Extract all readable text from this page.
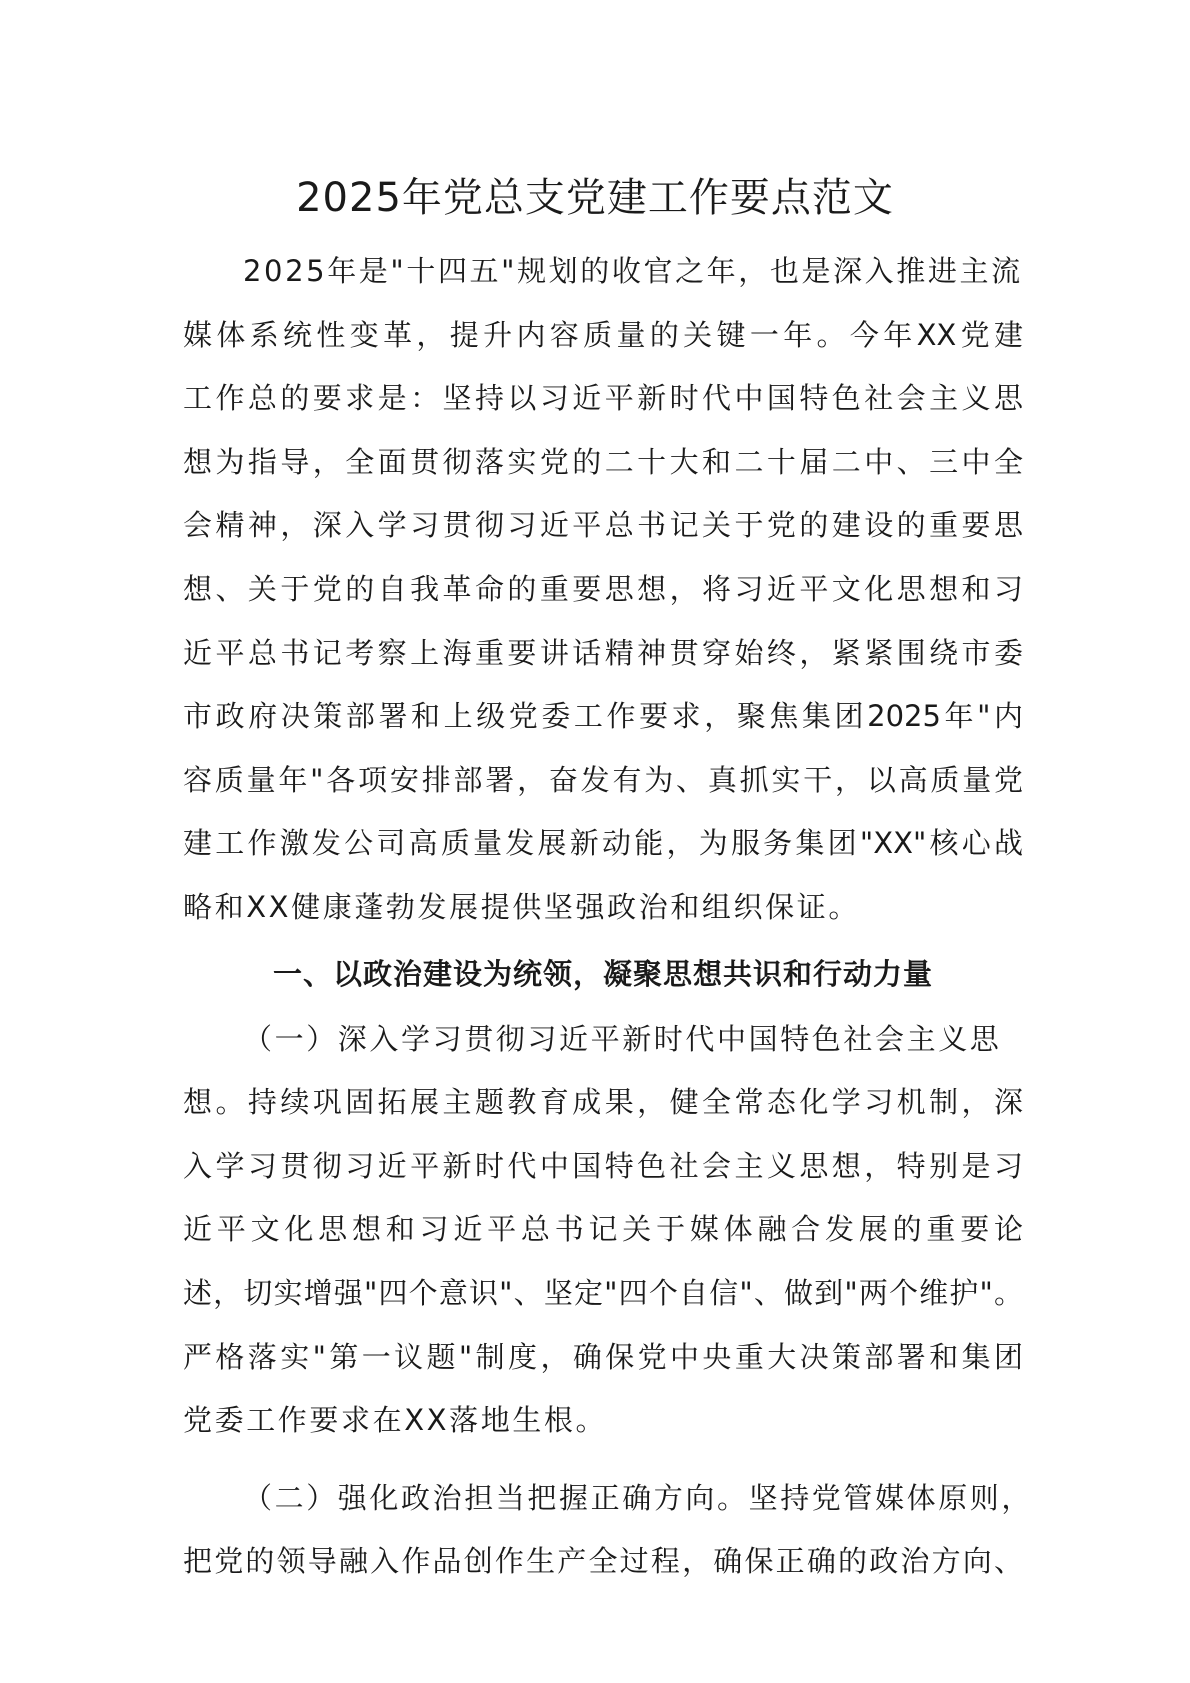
2025年党总支党建工作要点范文
2025年是"十四五"规划的收官之年，也是深入推进主流
媒体系统性变革，提升内容质量的关键一年。今年XX党建
工作总的要求是：坚持以习近平新时代中国特色社会主义思
想为指导，全面贯彻落实党的二十大和二十届二中、三中全
会精神，深入学习贯彻习近平总书记关于党的建设的重要思
想、关于党的自我革命的重要思想，将习近平文化思想和习
近平总书记考察上海重要讲话精神贯穿始终，紧紧围绕市委
市政府决策部署和上级党委工作要求，聚焦集团2025年"内
容质量年"各项安排部署，奋发有为、真抓实干，以高质量党
建工作激发公司高质量发展新动能，为服务集团"XX"核心战
略和XX健康蓬勃发展提供坚强政治和组织保证。
一、以政治建设为统领，凝聚思想共识和行动力量
（一）深入学习贯彻习近平新时代中国特色社会主义思
想。持续巩固拓展主题教育成果，健全常态化学习机制，深
入学习贯彻习近平新时代中国特色社会主义思想，特别是习
近平文化思想和习近平总书记关于媒体融合发展的重要论
述，切实增强"四个意识"、坚定"四个自信"、做到"两个维护"。
严格落实"第一议题"制度，确保党中央重大决策部署和集团
党委工作要求在XX落地生根。
（二）强化政治担当把握正确方向。坚持党管媒体原则，
把党的领导融入作品创作生产全过程，确保正确的政治方向、
